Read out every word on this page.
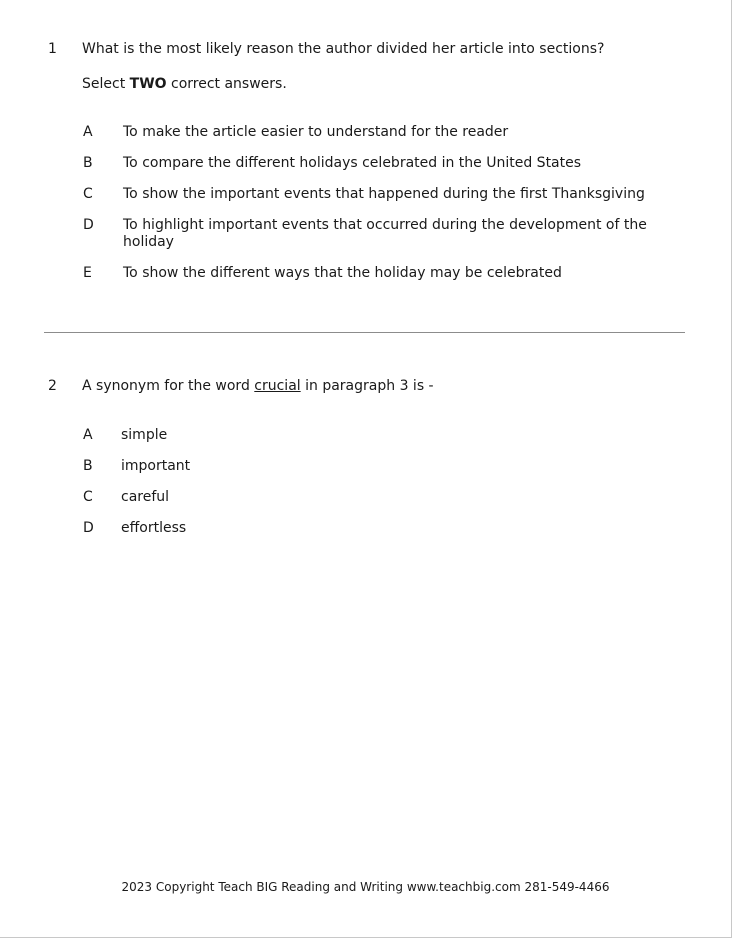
1 What is the most likely reason the author divided her article into sections?
Select TWO correct answers.
A To make the article easier to understand for the reader
B To compare the different holidays celebrated in the United States
C To show the important events that happened during the first Thanksgiving
D To highlight important events that occurred during the development of the holiday
E To show the different ways that the holiday may be celebrated
2 A synonym for the word crucial in paragraph 3 is -
A simple
B important
C careful
D effortless
2023 Copyright Teach BIG Reading and Writing www.teachbig.com 281-549-4466
